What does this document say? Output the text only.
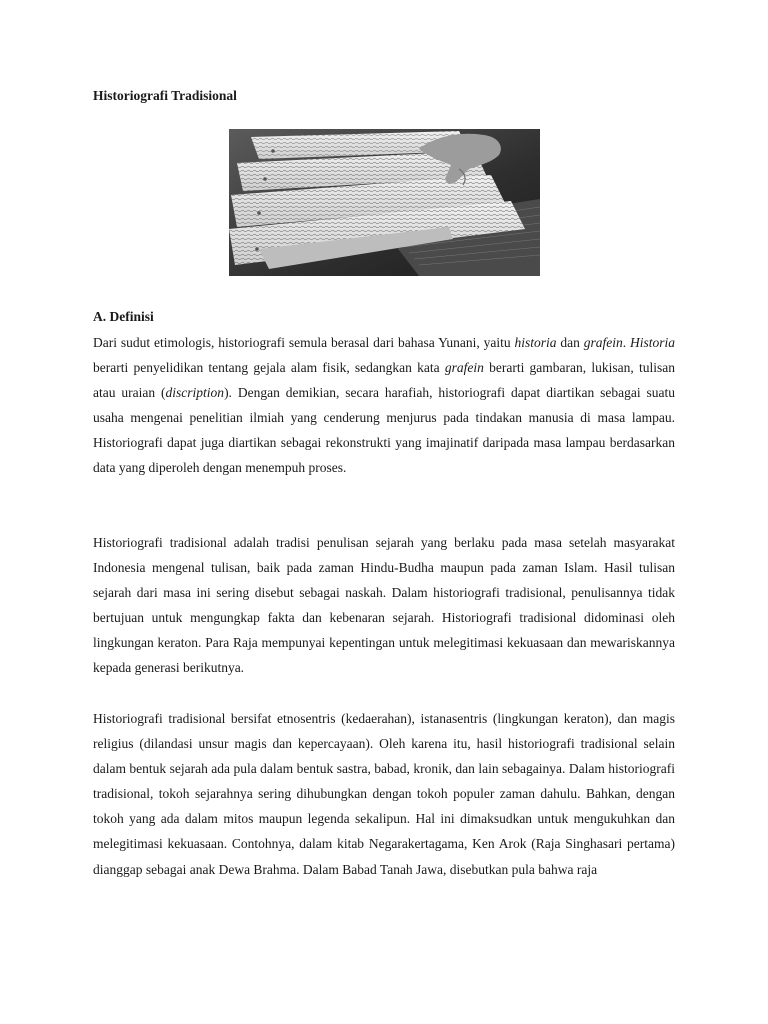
Historiografi Tradisional
A. Definisi

Dari sudut etimologis, historiografi semula berasal dari bahasa Yunani, yaitu historia dan grafein. Historia berarti penyelidikan tentang gejala alam fisik, sedangkan kata grafein berarti gambaran, lukisan, tulisan atau uraian (discription). Dengan demikian, secara harafiah, historiografi dapat diartikan sebagai suatu usaha mengenai penelitian ilmiah yang cenderung menjurus pada tindakan manusia di masa lampau. Historiografi dapat juga diartikan sebagai rekonstrukti yang imajinatif daripada masa lampau berdasarkan data yang diperoleh dengan menempuh proses.

Historiografi tradisional adalah tradisi penulisan sejarah yang berlaku pada masa setelah masyarakat Indonesia mengenal tulisan, baik pada zaman Hindu-Budha maupun pada zaman Islam. Hasil tulisan sejarah dari masa ini sering disebut sebagai naskah. Dalam historiografi tradisional, penulisannya tidak bertujuan untuk mengungkap fakta dan kebenaran sejarah. Historiografi tradisional didominasi oleh lingkungan keraton. Para Raja mempunyai kepentingan untuk melegitimasi kekuasaan dan mewariskannya kepada generasi berikutnya.

Historiografi tradisional bersifat etnosentris (kedaerahan), istanasentris (lingkungan keraton), dan magis religius (dilandasi unsur magis dan kepercayaan). Oleh karena itu, hasil historiografi tradisional selain dalam bentuk sejarah ada pula dalam bentuk sastra, babad, kronik, dan lain sebagainya. Dalam historiografi tradisional, tokoh sejarahnya sering dihubungkan dengan tokoh populer zaman dahulu. Bahkan, dengan tokoh yang ada dalam mitos maupun legenda sekalipun. Hal ini dimaksudkan untuk mengukuhkan dan melegitimasi kekuasaan. Contohnya, dalam kitab Negarakertagama, Ken Arok (Raja Singhasari pertama) dianggap sebagai anak Dewa Brahma. Dalam Babad Tanah Jawa, disebutkan pula bahwa raja
